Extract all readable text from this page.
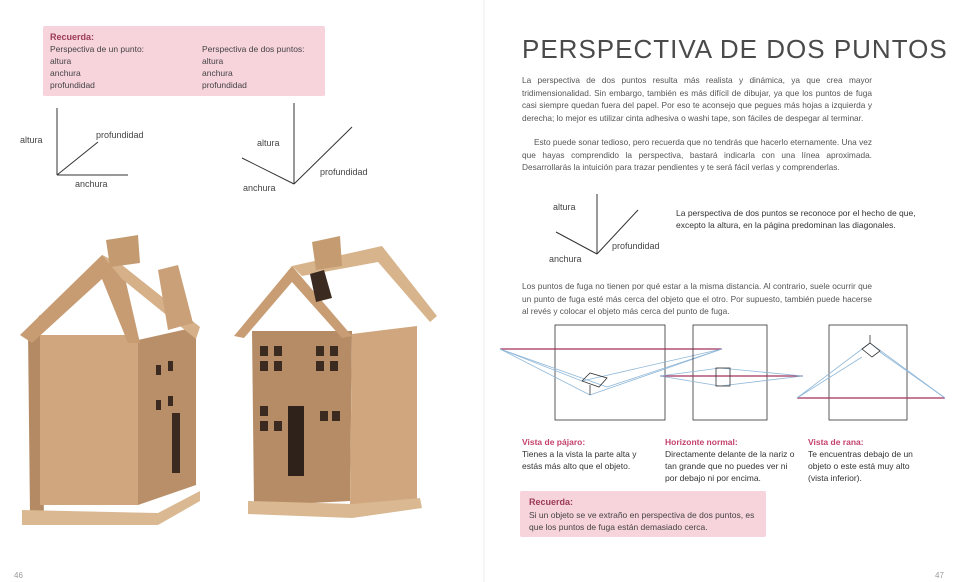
Recuerda:
Perspectiva de un punto:
altura
anchura
profundidad
Perspectiva de dos puntos:
altura
anchura
profundidad
altura	profundidad
anchura
altura
profundidad
anchura
46
PERSPECTIVA DE DOS PUNTOS
La perspectiva de dos puntos resulta más realista y dinámica, ya que crea mayor tridimensionalidad. Sin embargo, también es más difícil de dibujar, ya que los puntos de fuga casi siempre quedan fuera del papel. Por eso te aconsejo que pegues más hojas a izquierda y derecha; lo mejor es utilizar cinta adhesiva o washi tape, son fáciles de despegar al terminar.
Esto puede sonar tedioso, pero recuerda que no tendrás que hacerlo eternamente. Una vez que hayas comprendido la perspectiva, bastará indicarla con una línea aproximada. Desarrollarás la intuición para trazar pendientes y te será fácil verlas y comprenderlas.
altura
profundidad
anchura
La perspectiva de dos puntos se reconoce por el hecho de que, excepto la altura, en la página predominan las diagonales.
Los puntos de fuga no tienen por qué estar a la misma distancia. Al contrario, suele ocurrir que un punto de fuga esté más cerca del objeto que el otro. Por supuesto, también puede hacerse al revés y colocar el objeto más cerca del punto de fuga.
Vista de pájaro:
Tienes a la vista la parte alta y estás más alto que el objeto.
Horizonte normal:
Directamente delante de la nariz o tan grande que no puedes ver ni por debajo ni por encima.
Vista de rana:
Te encuentras debajo de un objeto o este está muy alto (vista inferior).
Recuerda:
Si un objeto se ve extraño en perspectiva de dos puntos, es que los puntos de fuga están demasiado cerca.
47
